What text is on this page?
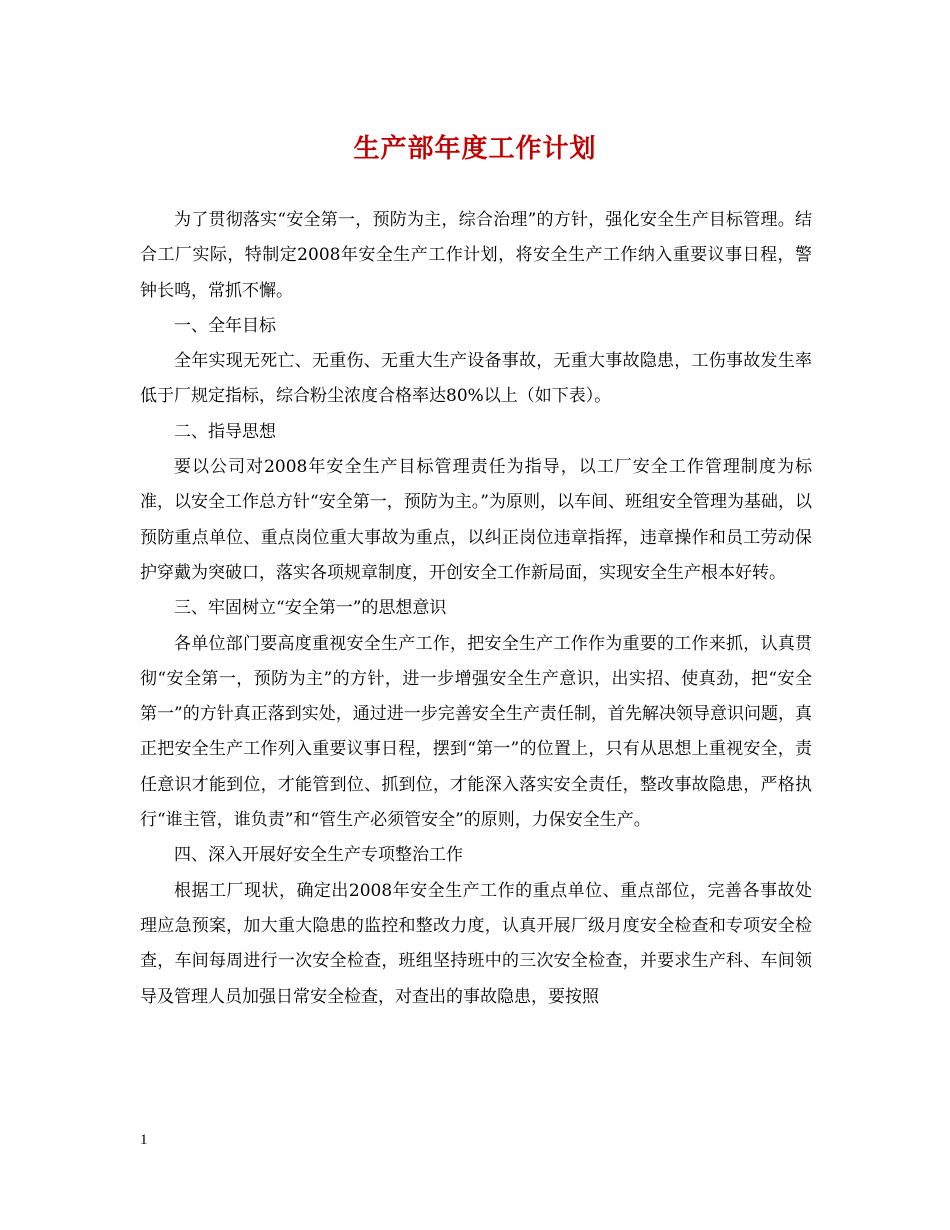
生产部年度工作计划

为了贯彻落实“安全第一，预防为主，综合治理”的方针，强化安全生产目标管理。结合工厂实际，特制定2008年安全生产工作计划，将安全生产工作纳入重要议事日程，警钟长鸣，常抓不懈。

一、全年目标

全年实现无死亡、无重伤、无重大生产设备事故，无重大事故隐患，工伤事故发生率低于厂规定指标，综合粉尘浓度合格率达80%以上（如下表）。

二、指导思想

要以公司对2008年安全生产目标管理责任为指导，以工厂安全工作管理制度为标准，以安全工作总方针“安全第一，预防为主。”为原则，以车间、班组安全管理为基础，以预防重点单位、重点岗位重大事故为重点，以纠正岗位违章指挥，违章操作和员工劳动保护穿戴为突破口，落实各项规章制度，开创安全工作新局面，实现安全生产根本好转。

三、牢固树立“安全第一”的思想意识

各单位部门要高度重视安全生产工作，把安全生产工作作为重要的工作来抓，认真贯彻“安全第一，预防为主”的方针，进一步增强安全生产意识，出实招、使真劲，把“安全第一”的方针真正落到实处，通过进一步完善安全生产责任制，首先解决领导意识问题，真正把安全生产工作列入重要议事日程，摆到“第一”的位置上，只有从思想上重视安全，责任意识才能到位，才能管到位、抓到位，才能深入落实安全责任，整改事故隐患，严格执行“谁主管，谁负责”和“管生产必须管安全”的原则，力保安全生产。

四、深入开展好安全生产专项整治工作

根据工厂现状，确定出2008年安全生产工作的重点单位、重点部位，完善各事故处理应急预案，加大重大隐患的监控和整改力度，认真开展厂级月度安全检查和专项安全检查，车间每周进行一次安全检查，班组坚持班中的三次安全检查，并要求生产科、车间领导及管理人员加强日常安全检查，对查出的事故隐患，要按照

1
